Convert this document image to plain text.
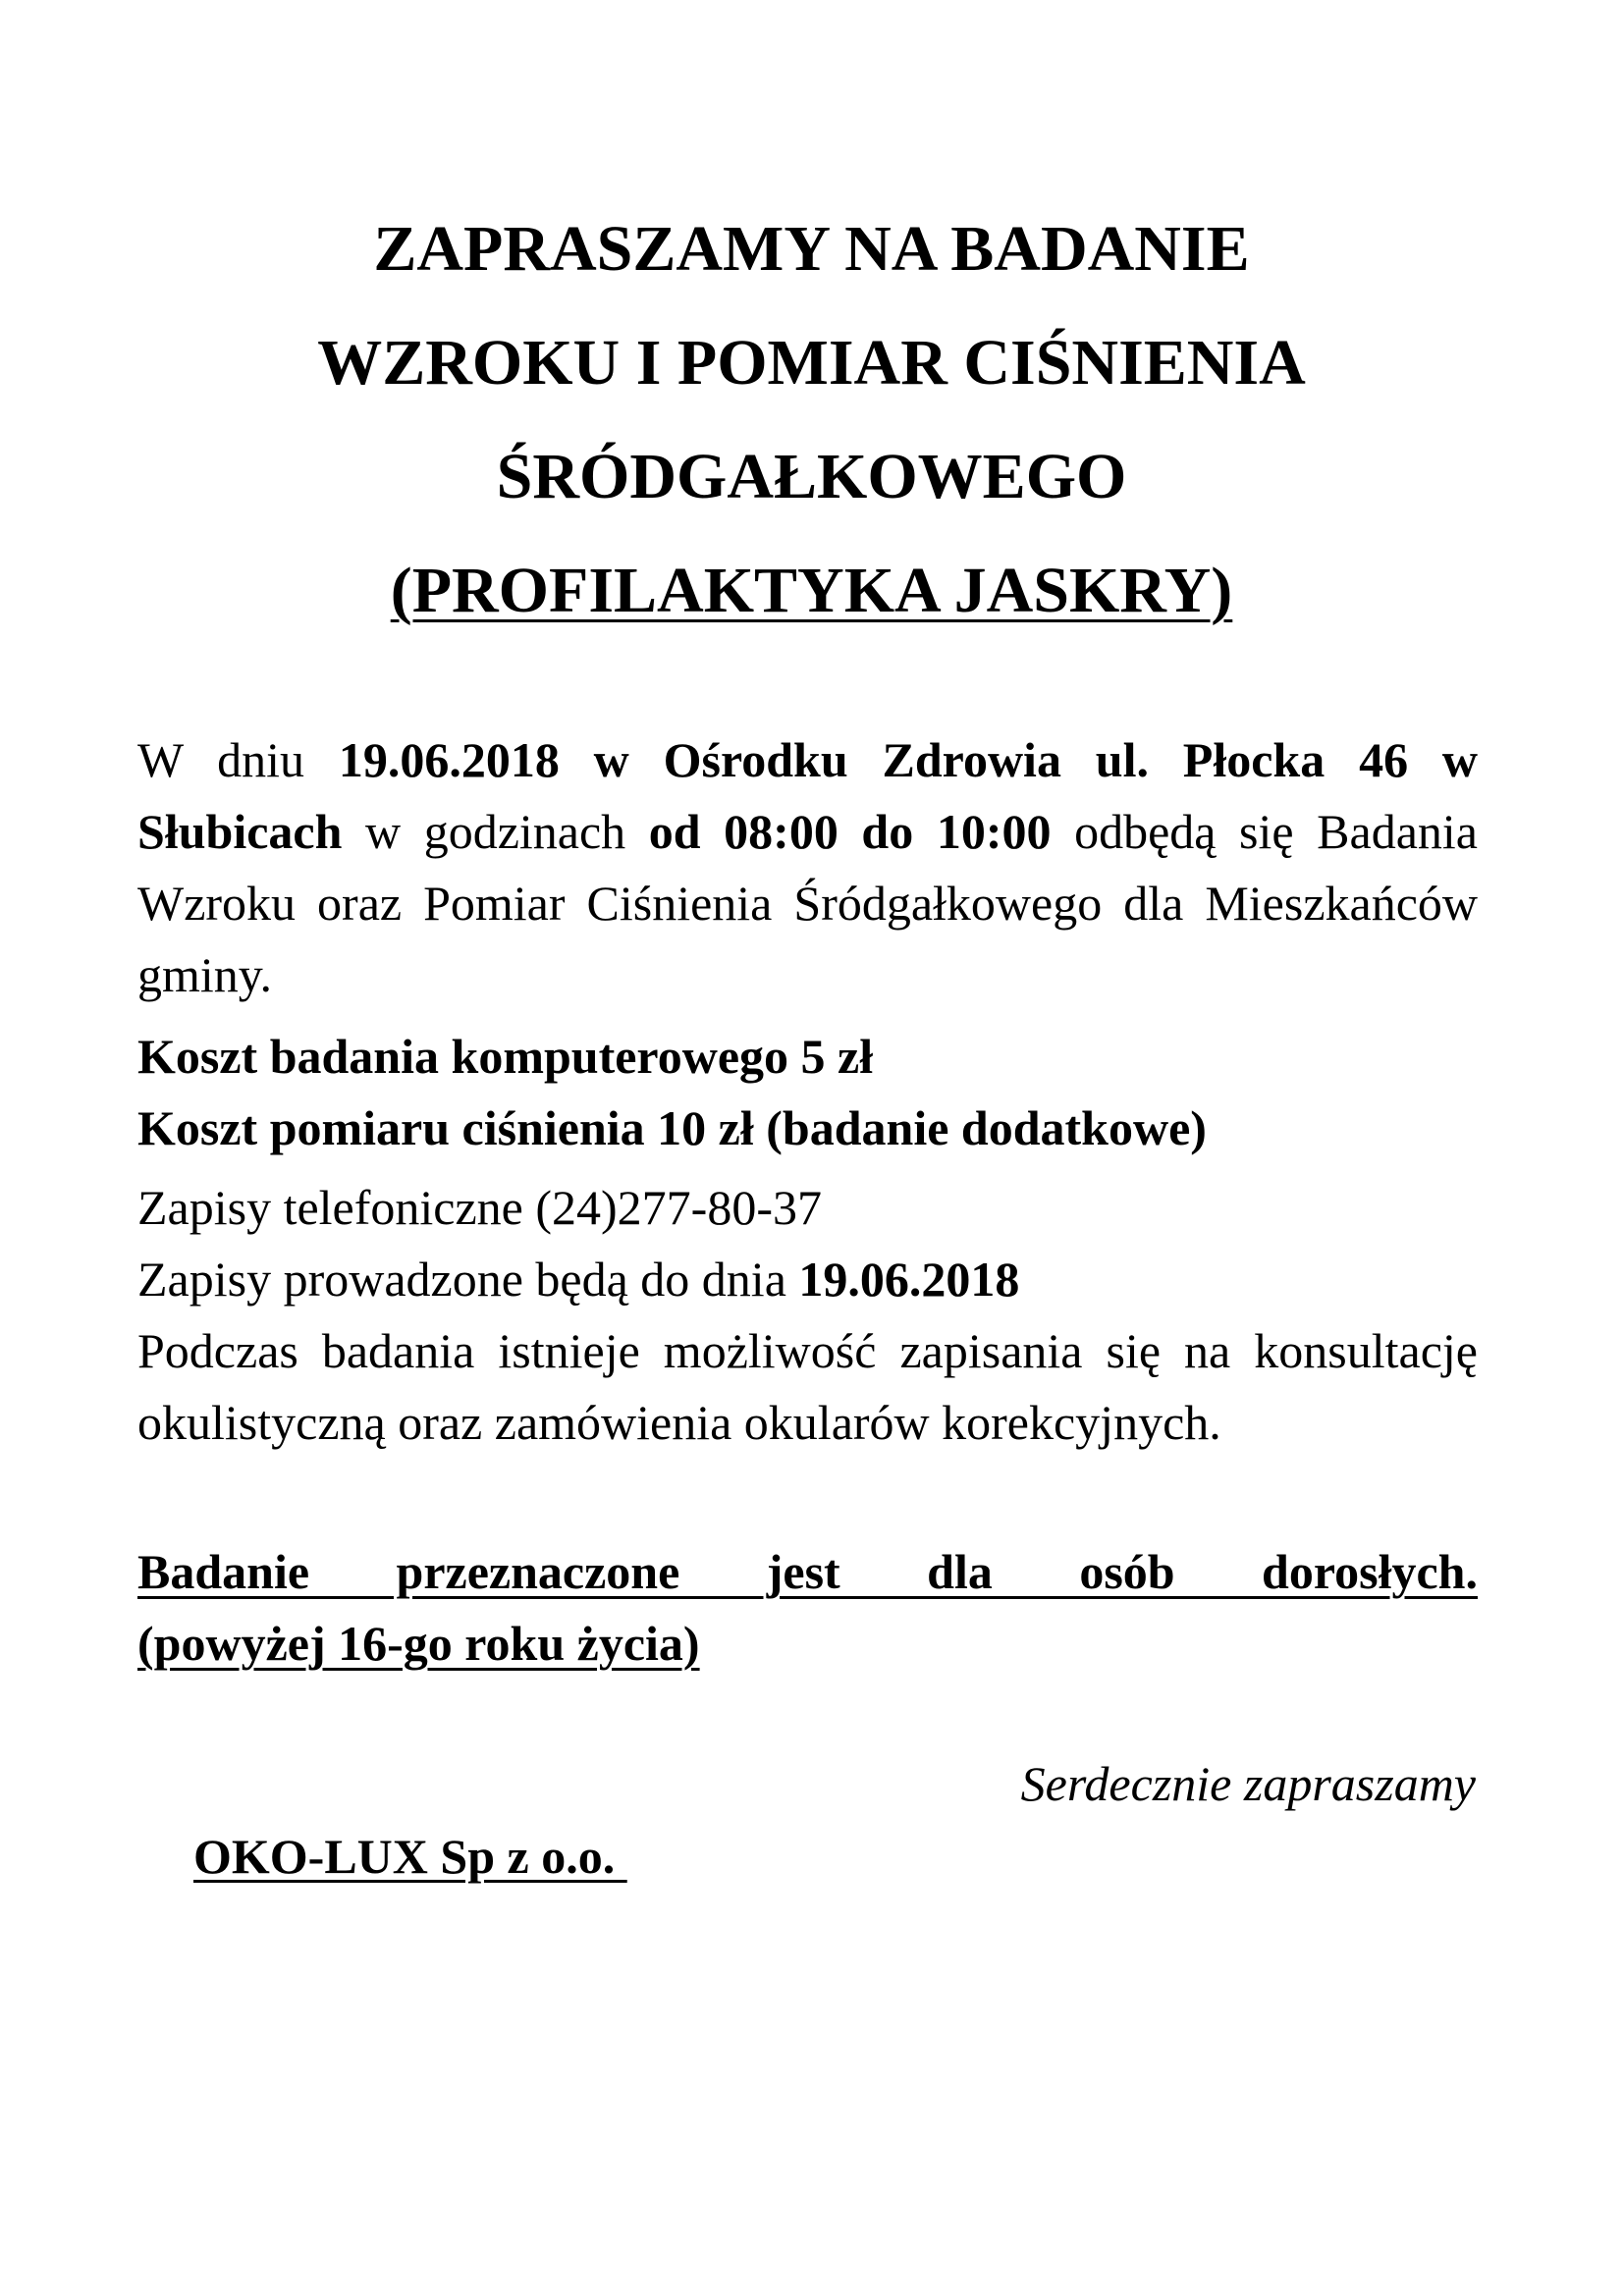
ZAPRASZAMY NA BADANIE
WZROKU I POMIAR CIŚNIENIA
ŚRÓDGAŁKOWEGO
(PROFILAKTYKA JASKRY)

W dniu 19.06.2018 w Ośrodku Zdrowia ul. Płocka 46 w Słubicach w godzinach od 08:00 do 10:00 odbędą się Badania Wzroku oraz Pomiar Ciśnienia Śródgałkowego dla Mieszkańców gminy.

Koszt badania komputerowego 5 zł
Koszt pomiaru ciśnienia 10 zł (badanie dodatkowe)
Zapisy telefoniczne (24)277-80-37
Zapisy prowadzone będą do dnia 19.06.2018

Podczas badania istnieje możliwość zapisania się na konsultację okulistyczną oraz zamówienia okularów korekcyjnych.

Badanie przeznaczone jest dla osób dorosłych.
(powyżej 16-go roku życia)
Serdecznie zapraszamy
OKO-LUX Sp z o.o.
